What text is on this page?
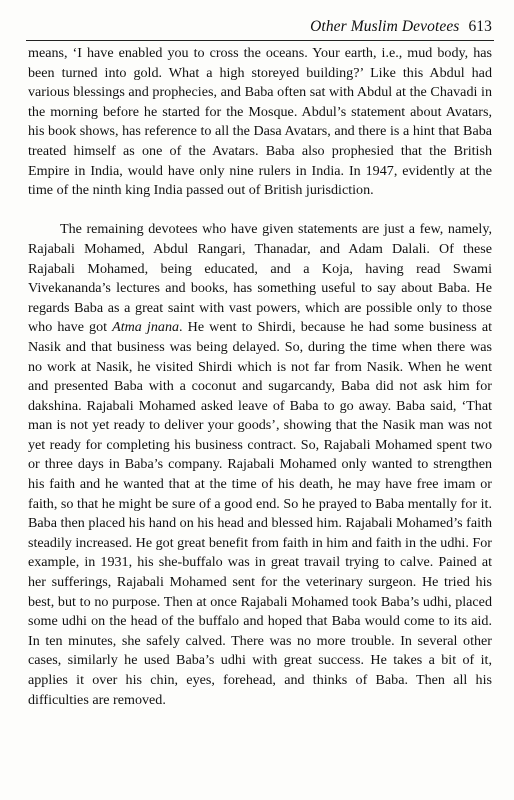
Other Muslim Devotees 613

means, ‘I have enabled you to cross the oceans. Your earth, i.e., mud body, has been turned into gold. What a high storeyed building?’ Like this Abdul had various blessings and prophecies, and Baba often sat with Abdul at the Chavadi in the morning before he started for the Mosque. Abdul’s statement about Avatars, his book shows, has reference to all the Dasa Avatars, and there is a hint that Baba treated himself as one of the Avatars. Baba also prophesied that the British Empire in India, would have only nine rulers in India. In 1947, evidently at the time of the ninth king India passed out of British jurisdiction.

The remaining devotees who have given statements are just a few, namely, Rajabali Mohamed, Abdul Rangari, Thanadar, and Adam Dalali. Of these Rajabali Mohamed, being educated, and a Koja, having read Swami Vivekananda’s lectures and books, has something useful to say about Baba. He regards Baba as a great saint with vast powers, which are possible only to those who have got Atma jnana. He went to Shirdi, because he had some business at Nasik and that business was being delayed. So, during the time when there was no work at Nasik, he visited Shirdi which is not far from Nasik. When he went and presented Baba with a coconut and sugarcandy, Baba did not ask him for dakshina. Rajabali Mohamed asked leave of Baba to go away. Baba said, ‘That man is not yet ready to deliver your goods’, showing that the Nasik man was not yet ready for completing his business contract. So, Rajabali Mohamed spent two or three days in Baba’s company. Rajabali Mohamed only wanted to strengthen his faith and he wanted that at the time of his death, he may have free imam or faith, so that he might be sure of a good end. So he prayed to Baba mentally for it. Baba then placed his hand on his head and blessed him. Rajabali Mohamed’s faith steadily increased. He got great benefit from faith in him and faith in the udhi. For example, in 1931, his she-buffalo was in great travail trying to calve. Pained at her sufferings, Rajabali Mohamed sent for the veterinary surgeon. He tried his best, but to no purpose. Then at once Rajabali Mohamed took Baba’s udhi, placed some udhi on the head of the buffalo and hoped that Baba would come to its aid. In ten minutes, she safely calved. There was no more trouble. In several other cases, similarly he used Baba’s udhi with great success. He takes a bit of it, applies it over his chin, eyes, forehead, and thinks of Baba. Then all his difficulties are removed.
